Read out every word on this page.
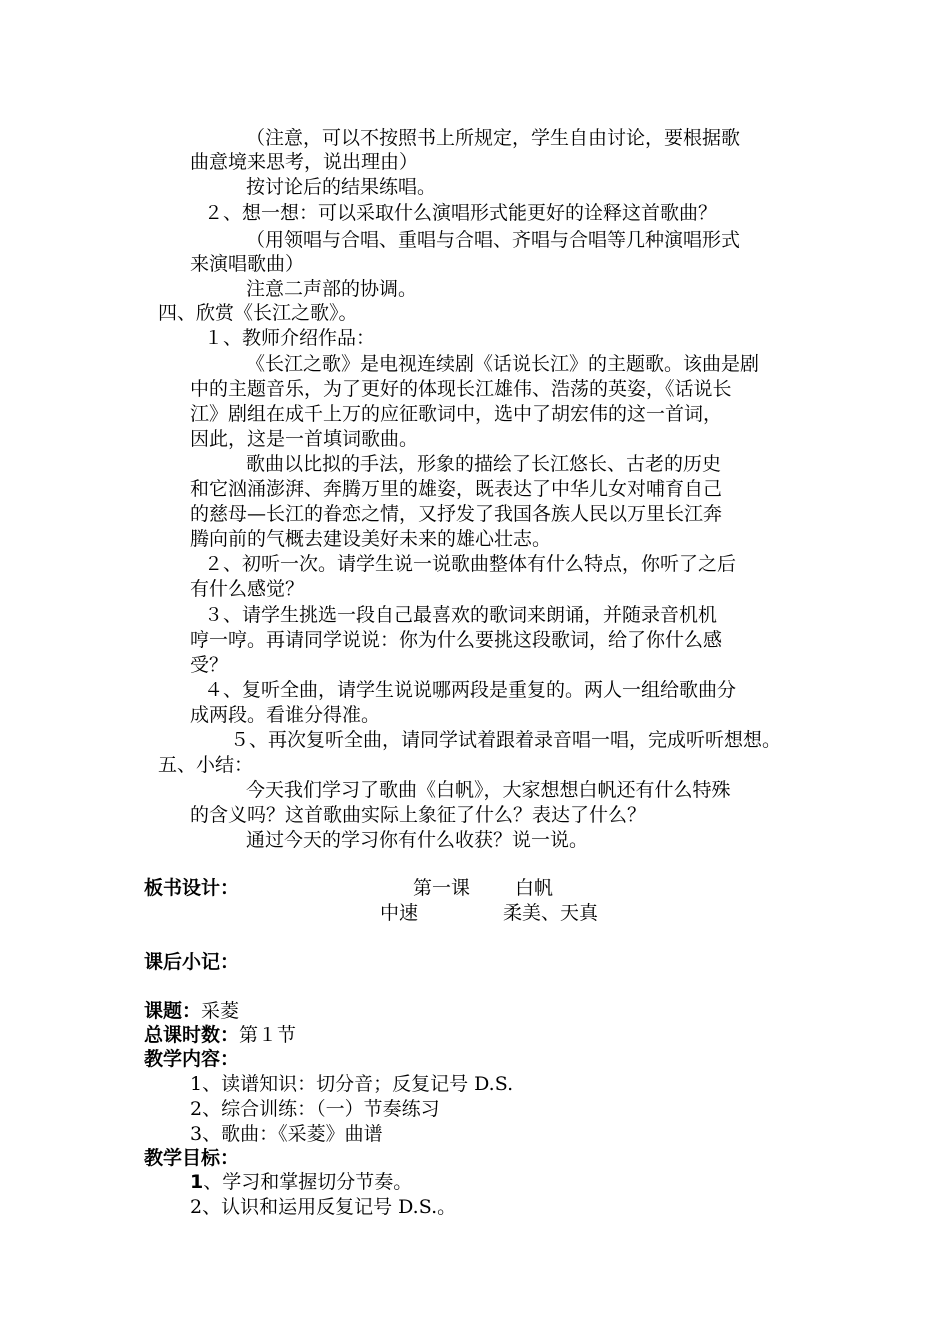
（注意，可以不按照书上所规定，学生自由讨论，要根据歌
曲意境来思考，说出理由）
按讨论后的结果练唱。
２、想一想：可以采取什么演唱形式能更好的诠释这首歌曲？
（用领唱与合唱、重唱与合唱、齐唱与合唱等几种演唱形式
来演唱歌曲）
注意二声部的协调。
四、欣赏《长江之歌》。
１、教师介绍作品：
《长江之歌》是电视连续剧《话说长江》的主题歌。该曲是剧
中的主题音乐，为了更好的体现长江雄伟、浩荡的英姿，《话说长
江》剧组在成千上万的应征歌词中，选中了胡宏伟的这一首词，
因此，这是一首填词歌曲。
歌曲以比拟的手法，形象的描绘了长江悠长、古老的历史
和它汹涌澎湃、奔腾万里的雄姿，既表达了中华儿女对哺育自己
的慈母—长江的眷恋之情，又抒发了我国各族人民以万里长江奔
腾向前的气概去建设美好未来的雄心壮志。
２、初听一次。请学生说一说歌曲整体有什么特点，你听了之后
有什么感觉？
３、请学生挑选一段自己最喜欢的歌词来朗诵，并随录音机机
哼一哼。再请同学说说：你为什么要挑这段歌词，给了你什么感
受？
４、复听全曲，请学生说说哪两段是重复的。两人一组给歌曲分
成两段。看谁分得准。
５、再次复听全曲，请同学试着跟着录音唱一唱，完成听听想想。
五、小结：
今天我们学习了歌曲《白帆》，大家想想白帆还有什么特殊
的含义吗？这首歌曲实际上象征了什么？表达了什么？
通过今天的学习你有什么收获？说一说。
板书设计：	第一课 白帆
中速	柔美、天真
课后小记：
课题：采菱
总课时数：第１节
教学内容：
1、读谱知识：切分音；反复记号 D.S.
2、综合训练：（一）节奏练习
3、歌曲：《采菱》曲谱
教学目标：
1、学习和掌握切分节奏。
2、认识和运用反复记号 D.S.。
